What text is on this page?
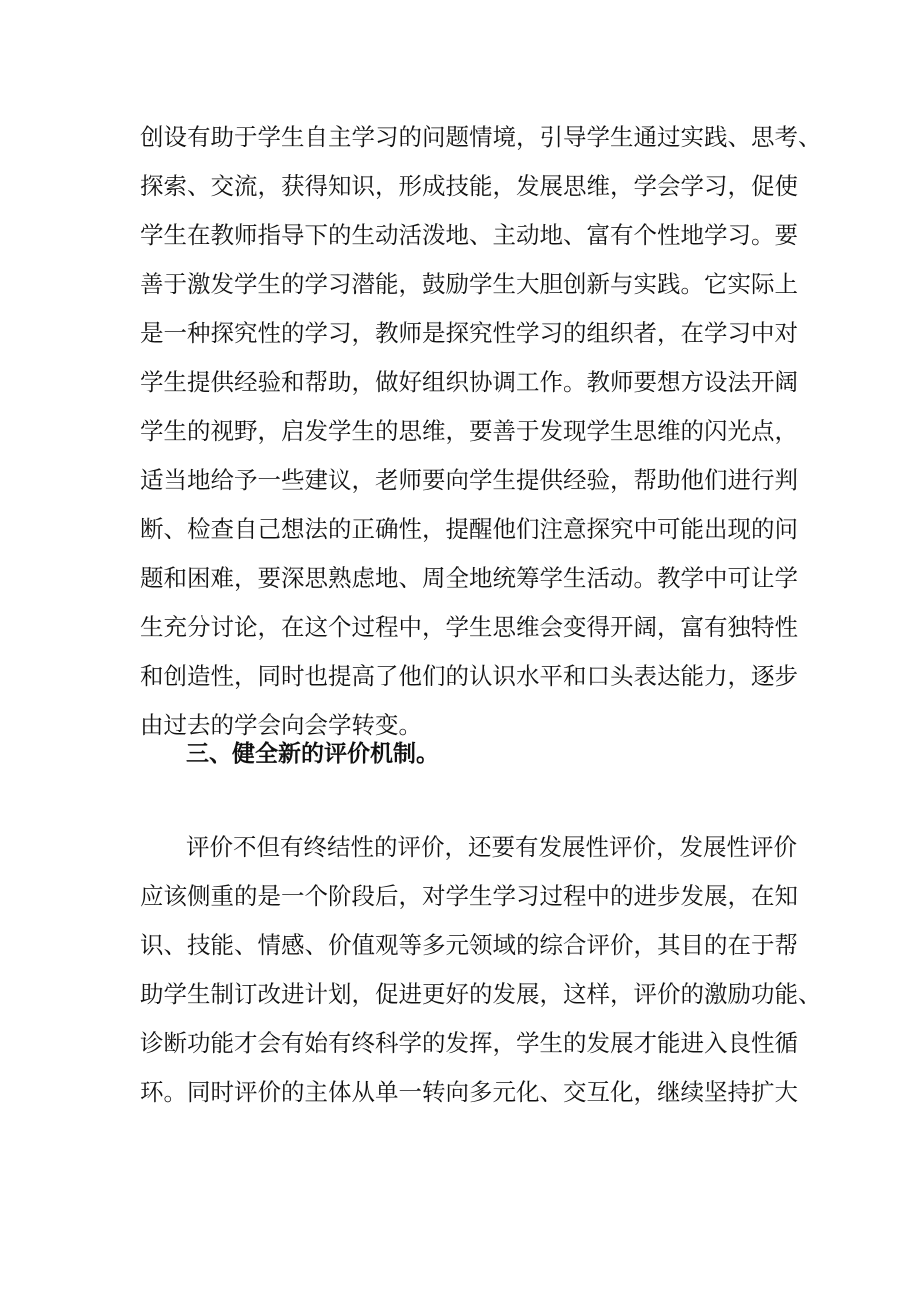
创设有助于学生自主学习的问题情境，引导学生通过实践、思考、
探索、交流，获得知识，形成技能，发展思维，学会学习，促使
学生在教师指导下的生动活泼地、主动地、富有个性地学习。要
善于激发学生的学习潜能，鼓励学生大胆创新与实践。它实际上
是一种探究性的学习，教师是探究性学习的组织者，在学习中对
学生提供经验和帮助，做好组织协调工作。教师要想方设法开阔
学生的视野，启发学生的思维，要善于发现学生思维的闪光点，
适当地给予一些建议，老师要向学生提供经验，帮助他们进行判
断、检查自己想法的正确性，提醒他们注意探究中可能出现的问
题和困难，要深思熟虑地、周全地统筹学生活动。教学中可让学
生充分讨论，在这个过程中，学生思维会变得开阔，富有独特性
和创造性，同时也提高了他们的认识水平和口头表达能力，逐步
由过去的学会向会学转变。
三、健全新的评价机制。
评价不但有终结性的评价，还要有发展性评价，发展性评价
应该侧重的是一个阶段后，对学生学习过程中的进步发展，在知
识、技能、情感、价值观等多元领域的综合评价，其目的在于帮
助学生制订改进计划，促进更好的发展，这样，评价的激励功能、
诊断功能才会有始有终科学的发挥，学生的发展才能进入良性循
环。同时评价的主体从单一转向多元化、交互化，继续坚持扩大
